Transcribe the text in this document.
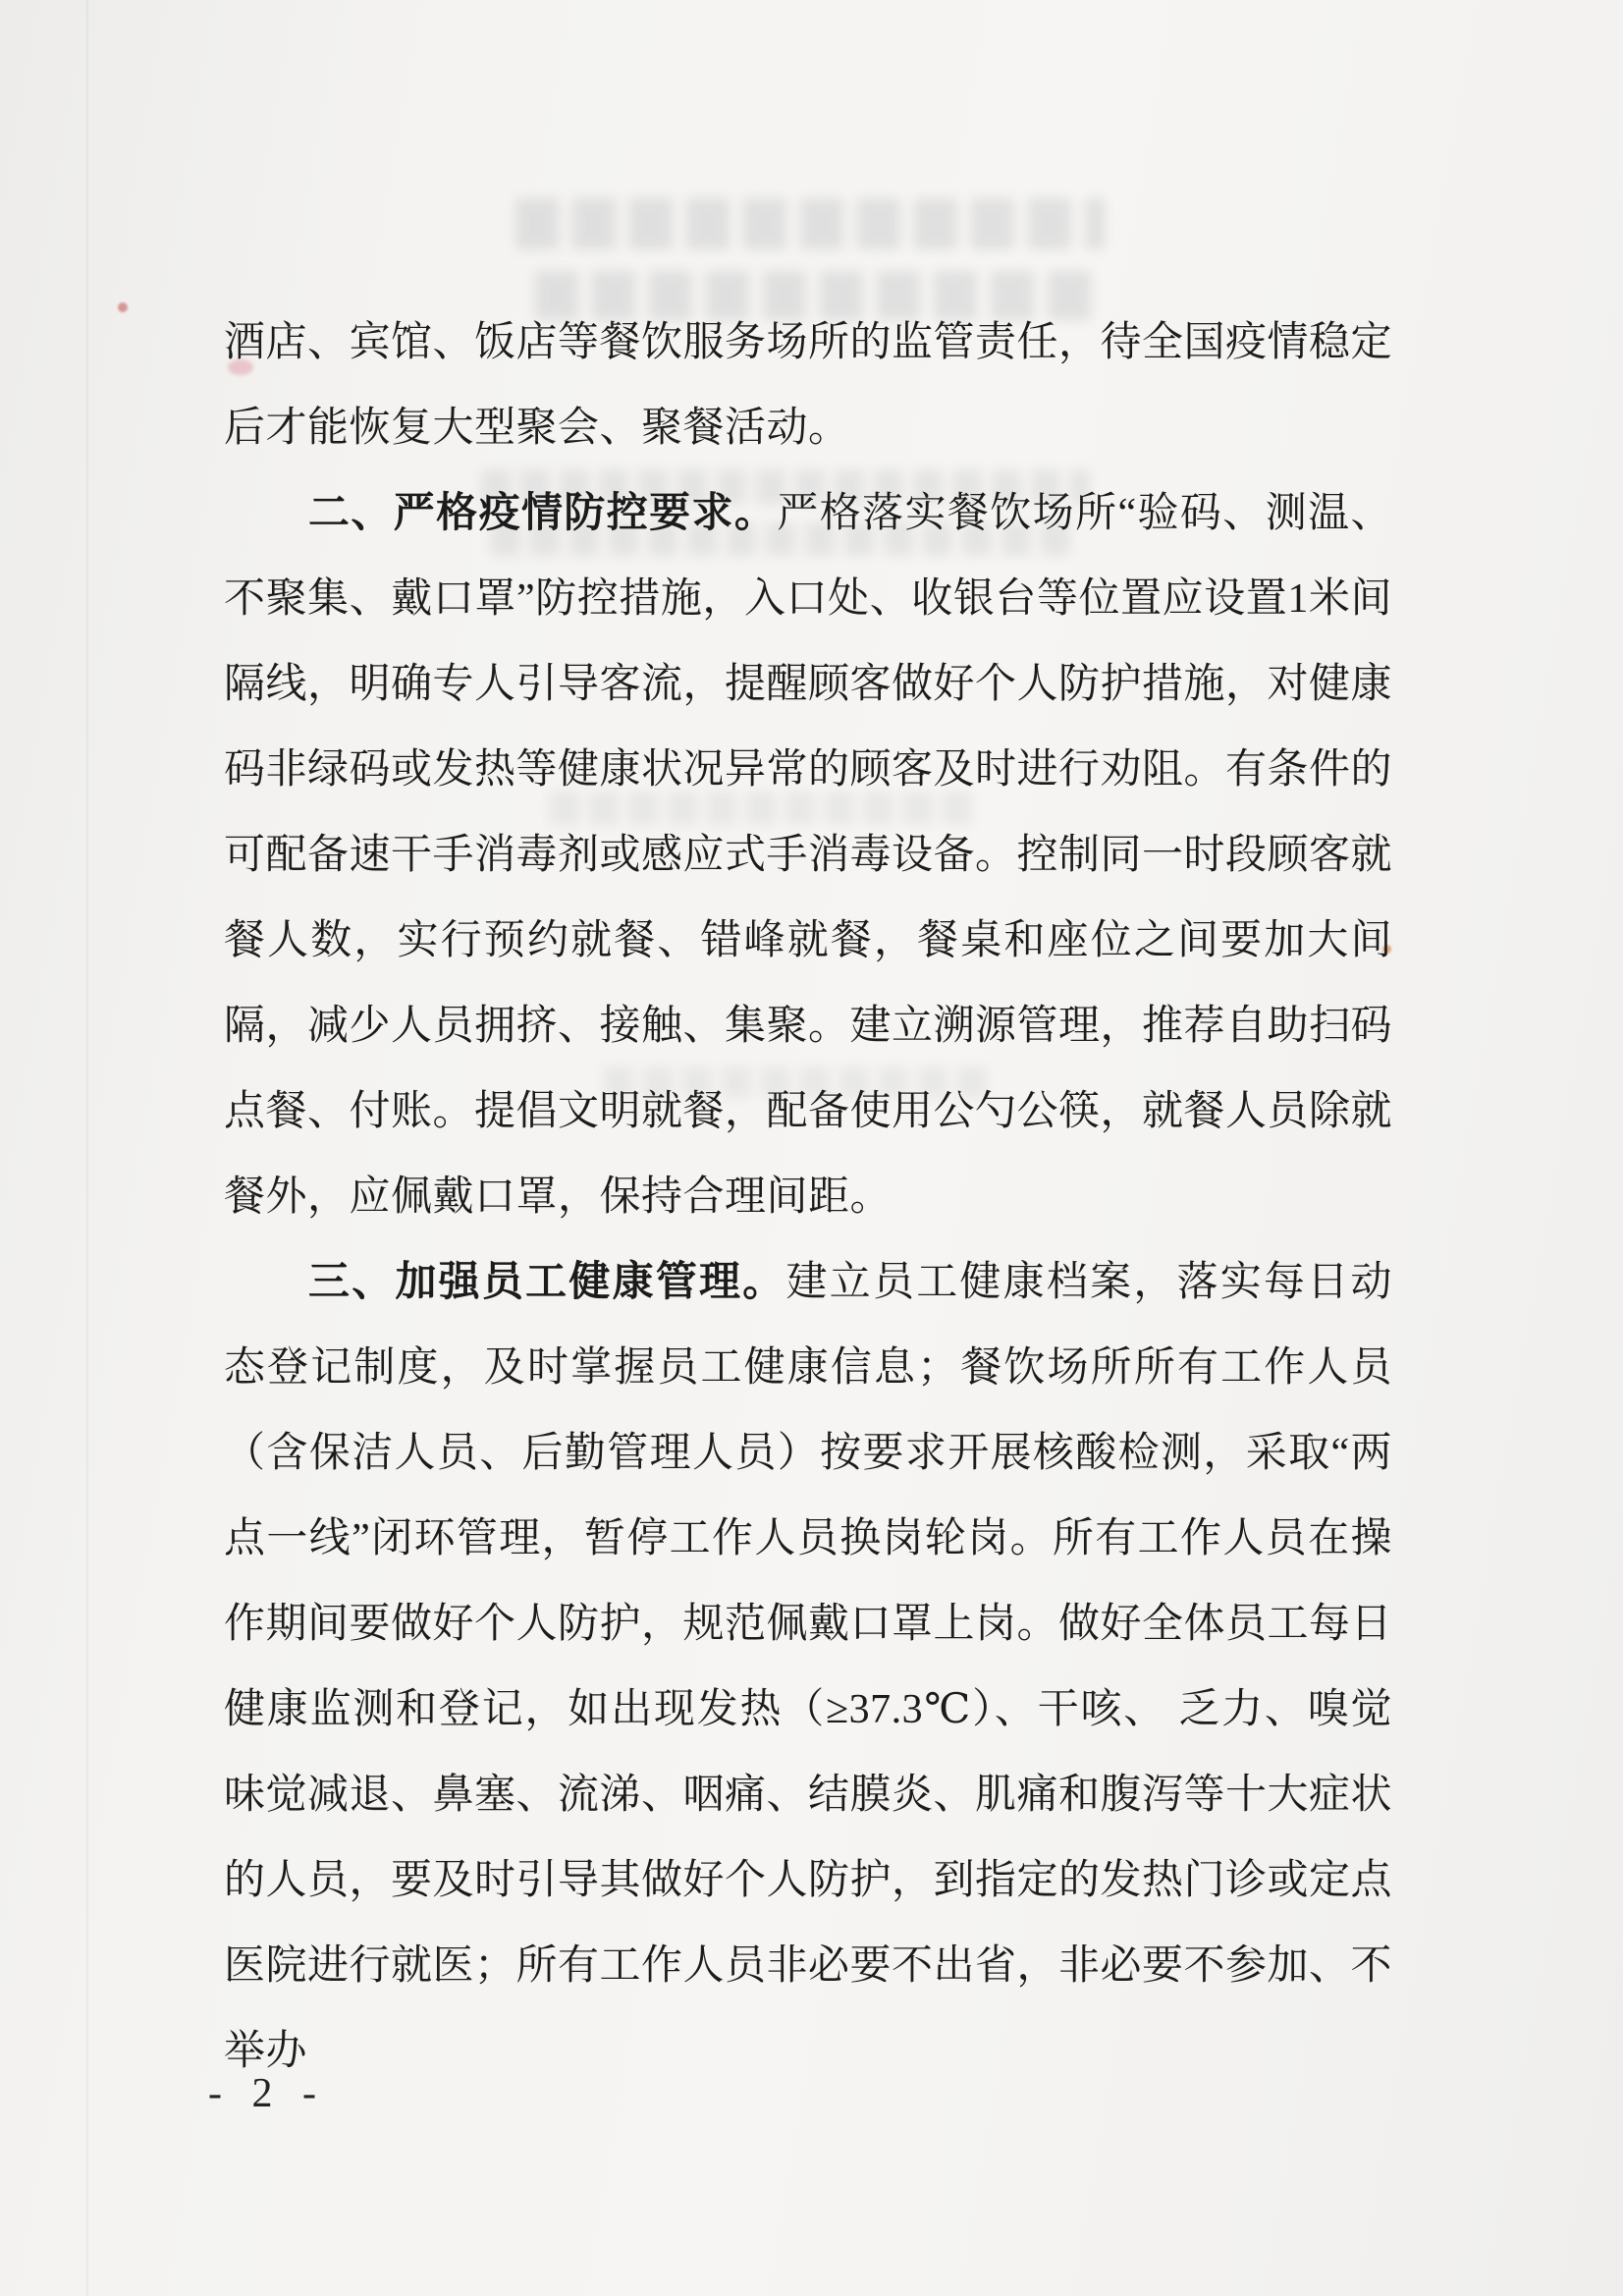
酒店、宾馆、饭店等餐饮服务场所的监管责任，待全国疫情稳定后才能恢复大型聚会、聚餐活动。

二、严格疫情防控要求。严格落实餐饮场所“验码、测温、不聚集、戴口罩”防控措施，入口处、收银台等位置应设置1米间隔线，明确专人引导客流，提醒顾客做好个人防护措施，对健康码非绿码或发热等健康状况异常的顾客及时进行劝阻。有条件的可配备速干手消毒剂或感应式手消毒设备。控制同一时段顾客就餐人数，实行预约就餐、错峰就餐，餐桌和座位之间要加大间隔，减少人员拥挤、接触、集聚。建立溯源管理，推荐自助扫码点餐、付账。提倡文明就餐，配备使用公勺公筷，就餐人员除就餐外，应佩戴口罩，保持合理间距。

三、加强员工健康管理。建立员工健康档案，落实每日动态登记制度，及时掌握员工健康信息；餐饮场所所有工作人员（含保洁人员、后勤管理人员）按要求开展核酸检测，采取“两点一线”闭环管理，暂停工作人员换岗轮岗。所有工作人员在操作期间要做好个人防护，规范佩戴口罩上岗。做好全体员工每日健康监测和登记，如出现发热（≥37.3℃）、干咳、 乏力、嗅觉味觉减退、鼻塞、流涕、咽痛、结膜炎、肌痛和腹泻等十大症状的人员，要及时引导其做好个人防护，到指定的发热门诊或定点医院进行就医；所有工作人员非必要不出省，非必要不参加、不举办

- 2 -
